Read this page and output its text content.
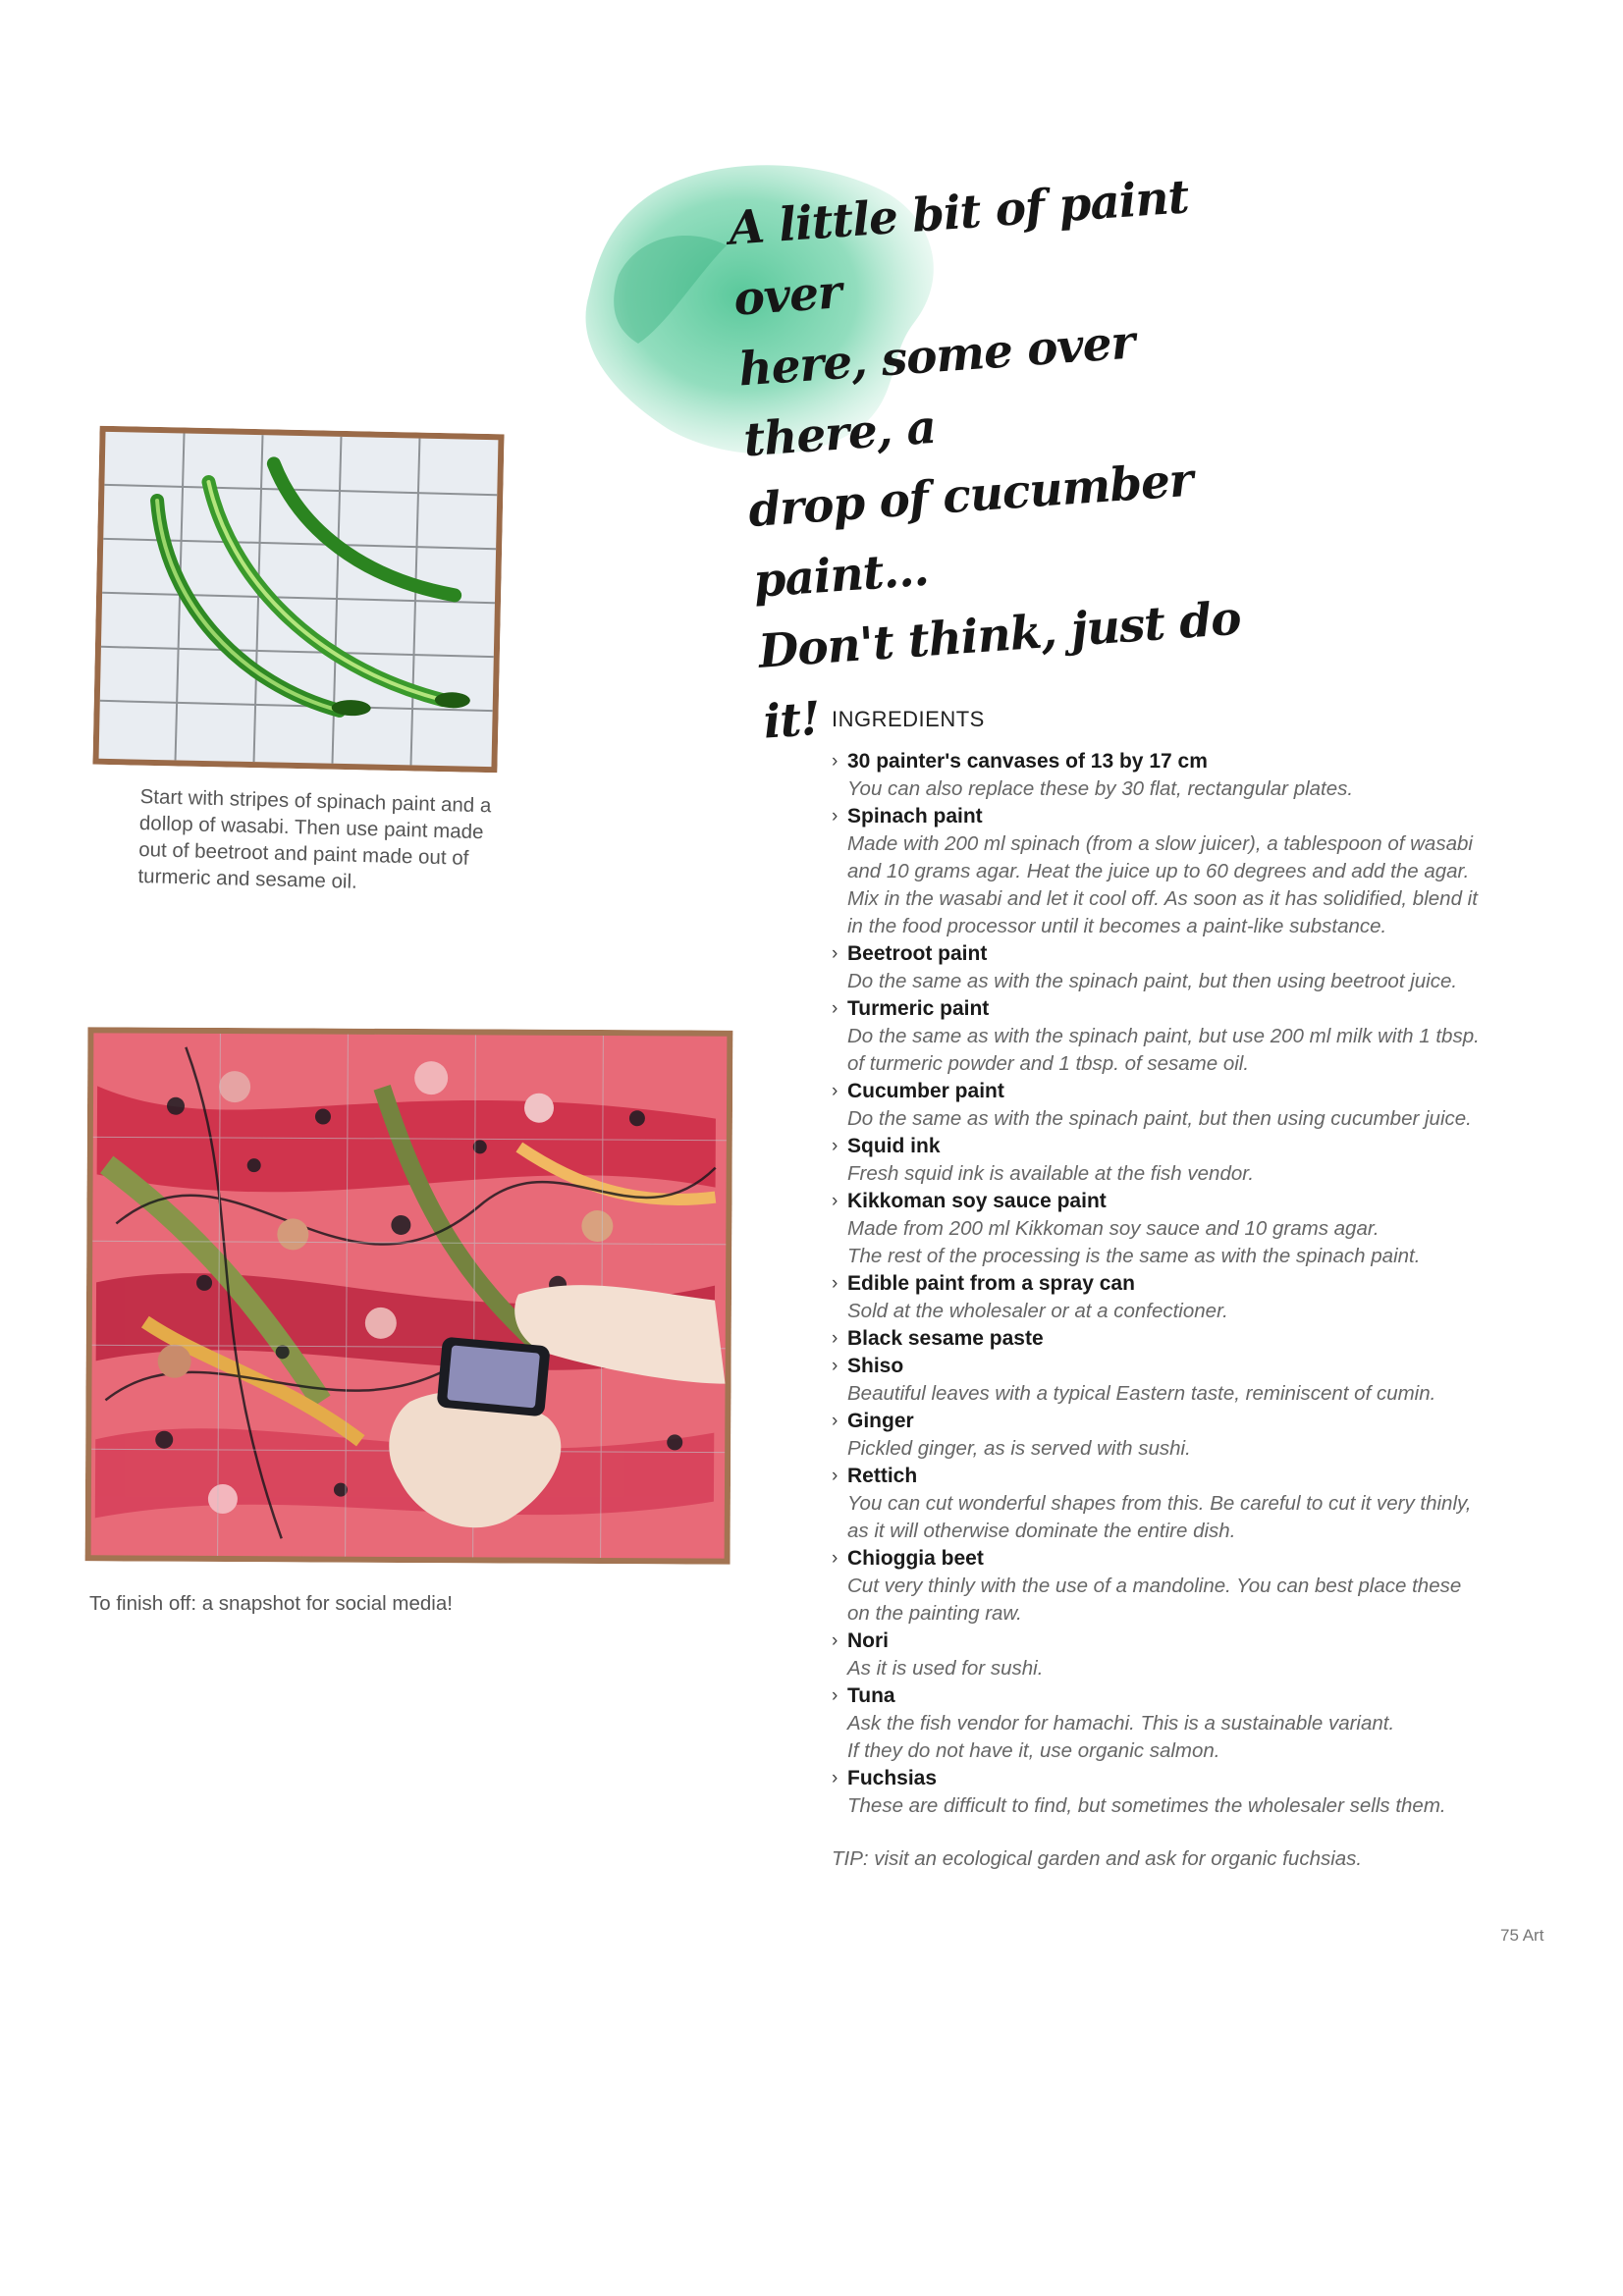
A little bit of paint over
here, some over there, a
drop of cucumber paint...
Don't think, just do it!

Start with stripes of spinach paint and a dollop of wasabi. Then use paint made out of beetroot and paint made out of turmeric and sesame oil.

To finish off: a snapshot for social media!

INGREDIENTS
› 30 painter's canvases of 13 by 17 cm
You can also replace these by 30 flat, rectangular plates.
› Spinach paint
Made with 200 ml spinach (from a slow juicer), a tablespoon of wasabi
and 10 grams agar. Heat the juice up to 60 degrees and add the agar.
Mix in the wasabi and let it cool off. As soon as it has solidified, blend it
in the food processor until it becomes a paint-like substance.
› Beetroot paint
Do the same as with the spinach paint, but then using beetroot juice.
› Turmeric paint
Do the same as with the spinach paint, but use 200 ml milk with 1 tbsp.
of turmeric powder and 1 tbsp. of sesame oil.
› Cucumber paint
Do the same as with the spinach paint, but then using cucumber juice.
› Squid ink
Fresh squid ink is available at the fish vendor.
› Kikkoman soy sauce paint
Made from 200 ml Kikkoman soy sauce and 10 grams agar.
The rest of the processing is the same as with the spinach paint.
› Edible paint from a spray can
Sold at the wholesaler or at a confectioner.
› Black sesame paste
› Shiso
Beautiful leaves with a typical Eastern taste, reminiscent of cumin.
› Ginger
Pickled ginger, as is served with sushi.
› Rettich
You can cut wonderful shapes from this. Be careful to cut it very thinly,
as it will otherwise dominate the entire dish.
› Chioggia beet
Cut very thinly with the use of a mandoline. You can best place these
on the painting raw.
› Nori
As it is used for sushi.
› Tuna
Ask the fish vendor for hamachi. This is a sustainable variant.
If they do not have it, use organic salmon.
› Fuchsias
These are difficult to find, but sometimes the wholesaler sells them.

TIP: visit an ecological garden and ask for organic fuchsias.

75 Art
